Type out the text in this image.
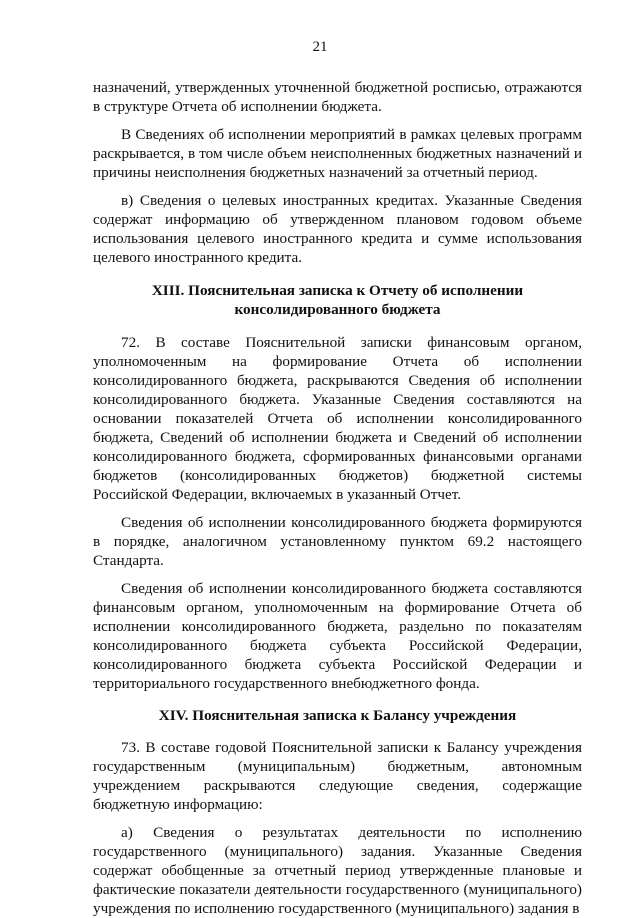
21

назначений, утвержденных уточненной бюджетной росписью, отражаются в структуре Отчета об исполнении бюджета.

В Сведениях об исполнении мероприятий в рамках целевых программ раскрывается, в том числе объем неисполненных бюджетных назначений и причины неисполнения бюджетных назначений за отчетный период.

в) Сведения о целевых иностранных кредитах. Указанные Сведения содержат информацию об утвержденном плановом годовом объеме использования целевого иностранного кредита и сумме использования целевого иностранного кредита.

XIII. Пояснительная записка к Отчету об исполнении консолидированного бюджета

72. В составе Пояснительной записки финансовым органом, уполномоченным на формирование Отчета об исполнении консолидированного бюджета, раскрываются Сведения об исполнении консолидированного бюджета. Указанные Сведения составляются на основании показателей Отчета об исполнении консолидированного бюджета, Сведений об исполнении бюджета и Сведений об исполнении консолидированного бюджета, сформированных финансовыми органами бюджетов (консолидированных бюджетов) бюджетной системы Российской Федерации, включаемых в указанный Отчет.

Сведения об исполнении консолидированного бюджета формируются в порядке, аналогичном установленному пунктом 69.2 настоящего Стандарта.

Сведения об исполнении консолидированного бюджета составляются финансовым органом, уполномоченным на формирование Отчета об исполнении консолидированного бюджета, раздельно по показателям консолидированного бюджета субъекта Российской Федерации, консолидированного бюджета субъекта Российской Федерации и территориального государственного внебюджетного фонда.

XIV. Пояснительная записка к Балансу учреждения

73. В составе годовой Пояснительной записки к Балансу учреждения государственным (муниципальным) бюджетным, автономным учреждением раскрываются следующие сведения, содержащие бюджетную информацию:

а) Сведения о результатах деятельности по исполнению государственного (муниципального) задания. Указанные Сведения содержат обобщенные за отчетный период утвержденные плановые и фактические показатели деятельности государственного (муниципального) учреждения по исполнению государственного (муниципального) задания в
